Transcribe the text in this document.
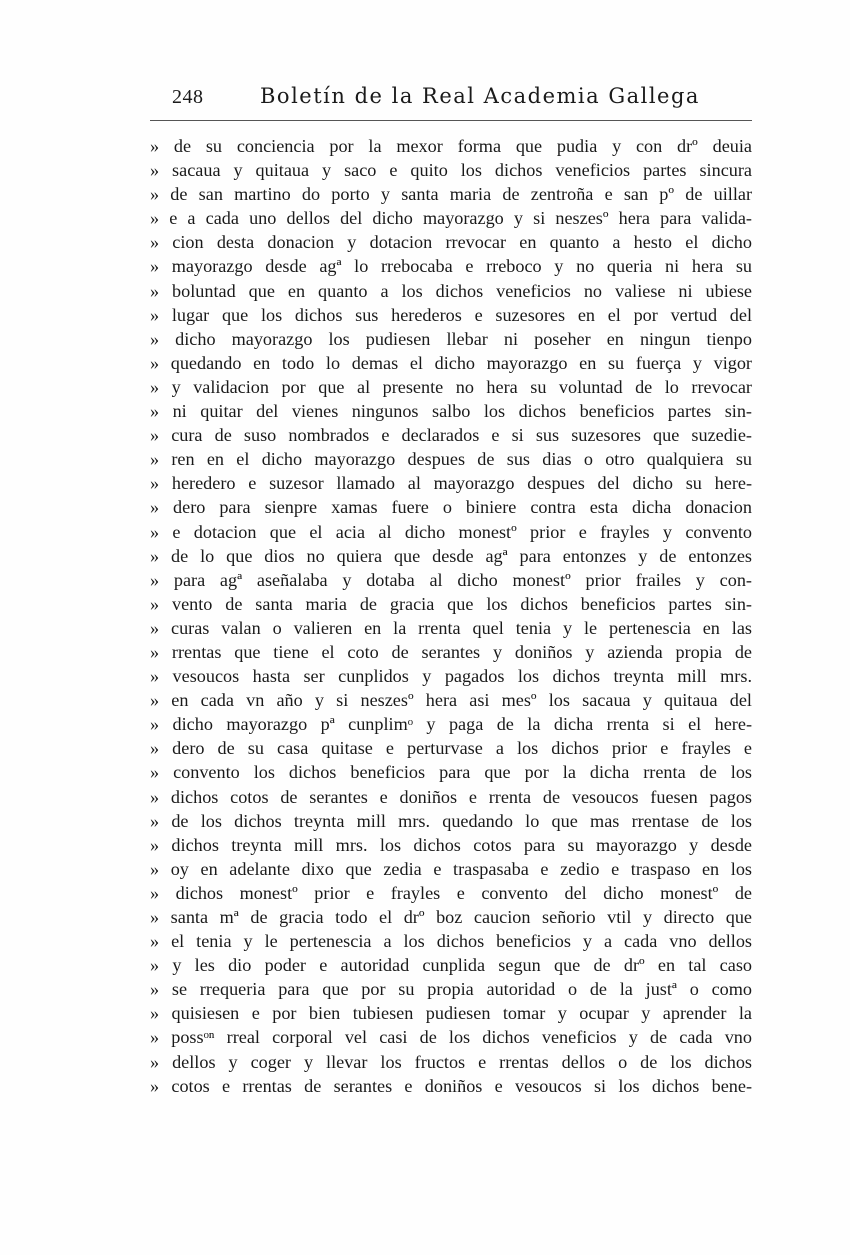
248	Boletín de la Real Academia Gallega
» de su conciencia por la mexor forma que pudia y con drº deuia
» sacaua y quitaua y saco e quito los dichos veneficios partes sincura
» de san martino do porto y santa maria de zentroña e san pº de uillar
» e a cada uno dellos del dicho mayorazgo y si neszesº hera para valida-
» cion desta donacion y dotacion rrevocar en quanto a hesto el dicho
» mayorazgo desde agª lo rrebocaba e rreboco y no queria ni hera su
» boluntad que en quanto a los dichos veneficios no valiese ni ubiese
» lugar que los dichos sus herederos e suzesores en el por vertud del
» dicho mayorazgo los pudiesen llebar ni poseher en ningun tienpo
» quedando en todo lo demas el dicho mayorazgo en su fuerça y vigor
» y validacion por que al presente no hera su voluntad de lo rrevocar
» ni quitar del vienes ningunos salbo los dichos beneficios partes sin-
» cura de suso nombrados e declarados e si sus suzesores que suzedie-
» ren en el dicho mayorazgo despues de sus dias o otro qualquiera su
» heredero e suzesor llamado al mayorazgo despues del dicho su here-
» dero para sienpre xamas fuere o biniere contra esta dicha donacion
» e dotacion que el acia al dicho monestº prior e frayles y convento
» de lo que dios no quiera que desde agª para entonzes y de entonzes
» para agª aseñalaba y dotaba al dicho monestº prior frailes y con-
» vento de santa maria de gracia que los dichos beneficios partes sin-
» curas valan o valieren en la rrenta quel tenia y le pertenescia en las
» rrentas que tiene el coto de serantes y doniños y azienda propia de
» vesoucos hasta ser cunplidos y pagados los dichos treynta mill mrs.
» en cada vn año y si neszesº hera asi mesº los sacaua y quitaua del
» dicho mayorazgo pª cunplimᵒ y paga de la dicha rrenta si el here-
» dero de su casa quitase e perturvase a los dichos prior e frayles e
» convento los dichos beneficios para que por la dicha rrenta de los
» dichos cotos de serantes e doniños e rrenta de vesoucos fuesen pagos
» de los dichos treynta mill mrs. quedando lo que mas rrentase de los
» dichos treynta mill mrs. los dichos cotos para su mayorazgo y desde
» oy en adelante dixo que zedia e traspasaba e zedio e traspaso en los
» dichos monestº prior e frayles e convento del dicho monestº de
» santa mª de gracia todo el drº boz caucion señorio vtil y directo que
» el tenia y le pertenescia a los dichos beneficios y a cada vno dellos
» y les dio poder e autoridad cunplida segun que de drº en tal caso
» se rrequeria para que por su propia autoridad o de la justª o como
» quisiesen e por bien tubiesen pudiesen tomar y ocupar y aprender la
» possᵒⁿ rreal corporal vel casi de los dichos veneficios y de cada vno
» dellos y coger y llevar los fructos e rrentas dellos o de los dichos
» cotos e rrentas de serantes e doniños e vesoucos si los dichos bene-
